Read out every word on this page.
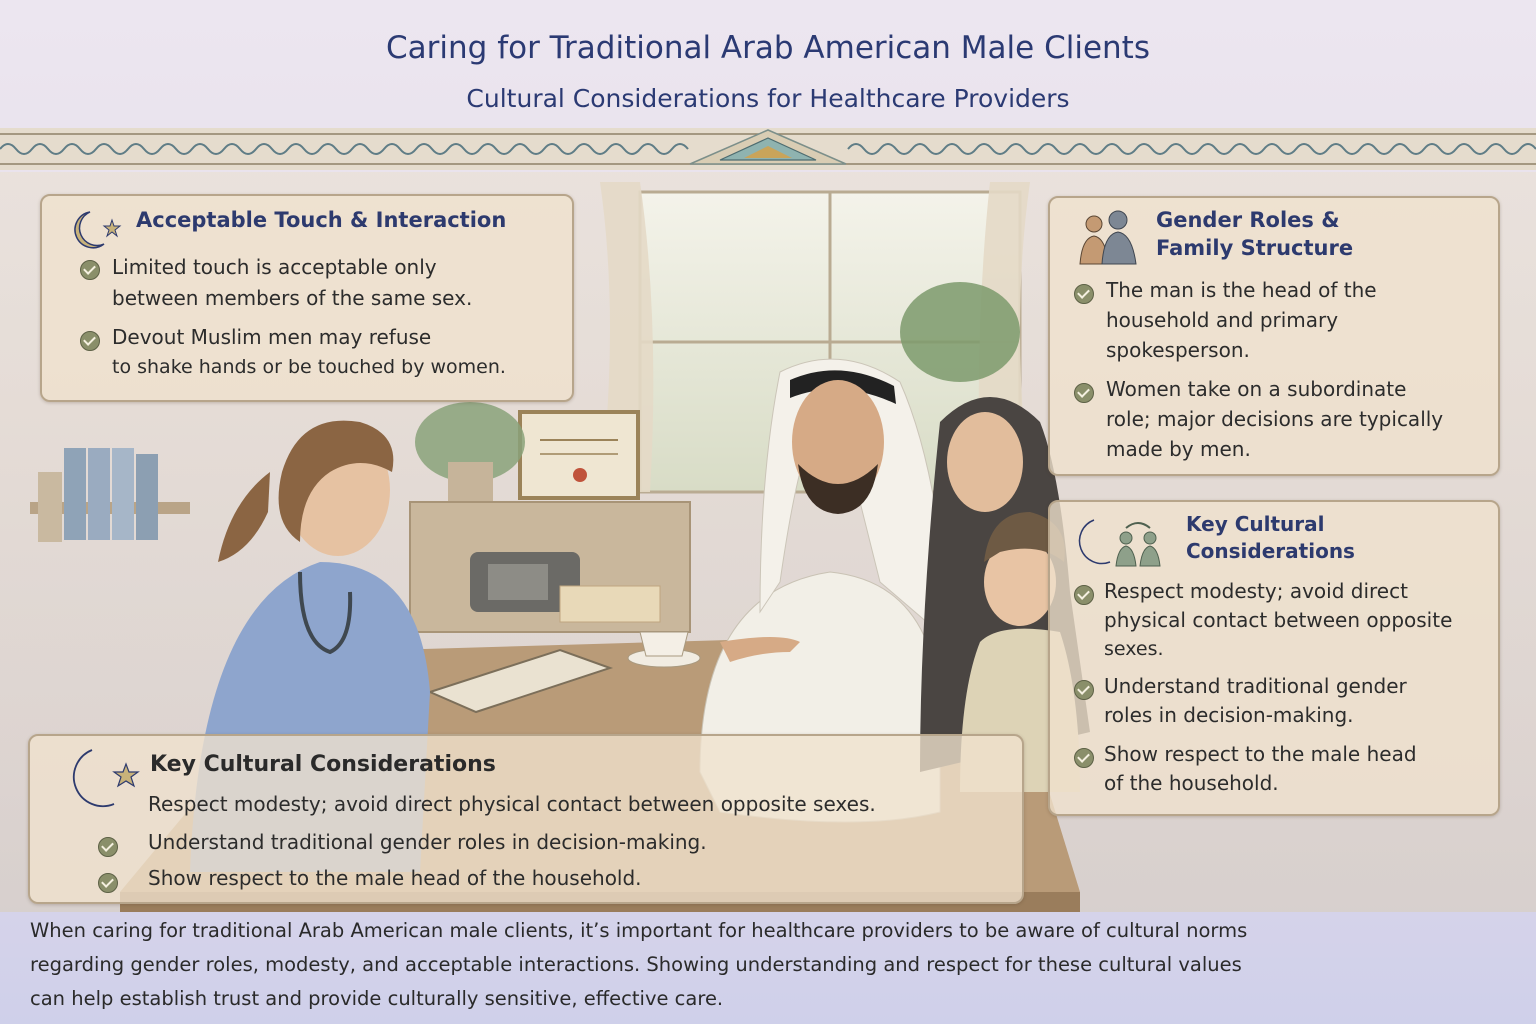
Caring for Traditional Arab American Male Clients
Cultural Considerations for Healthcare Providers
Acceptable Touch & Interaction
Limited touch is acceptable only
between members of the same sex.
Devout Muslim men may refuse
to shake hands or be touched by women.
Gender Roles &
Family Structure
The man is the head of the
household and primary
spokesperson.
Women take on a subordinate
role; major decisions are typically
made by men.
Key Cultural
Considerations
Respect modesty; avoid direct
physical contact between opposite
sexes.
Understand traditional gender
roles in decision-making.
Show respect to the male head
of the household.
Key Cultural Considerations
Respect modesty; avoid direct physical contact between opposite sexes.
Understand traditional gender roles in decision-making.
Show respect to the male head of the household.
When caring for traditional Arab American male clients, it’s important for healthcare providers to be aware of cultural norms
regarding gender roles, modesty, and acceptable interactions. Showing understanding and respect for these cultural values
can help establish trust and provide culturally sensitive, effective care.
